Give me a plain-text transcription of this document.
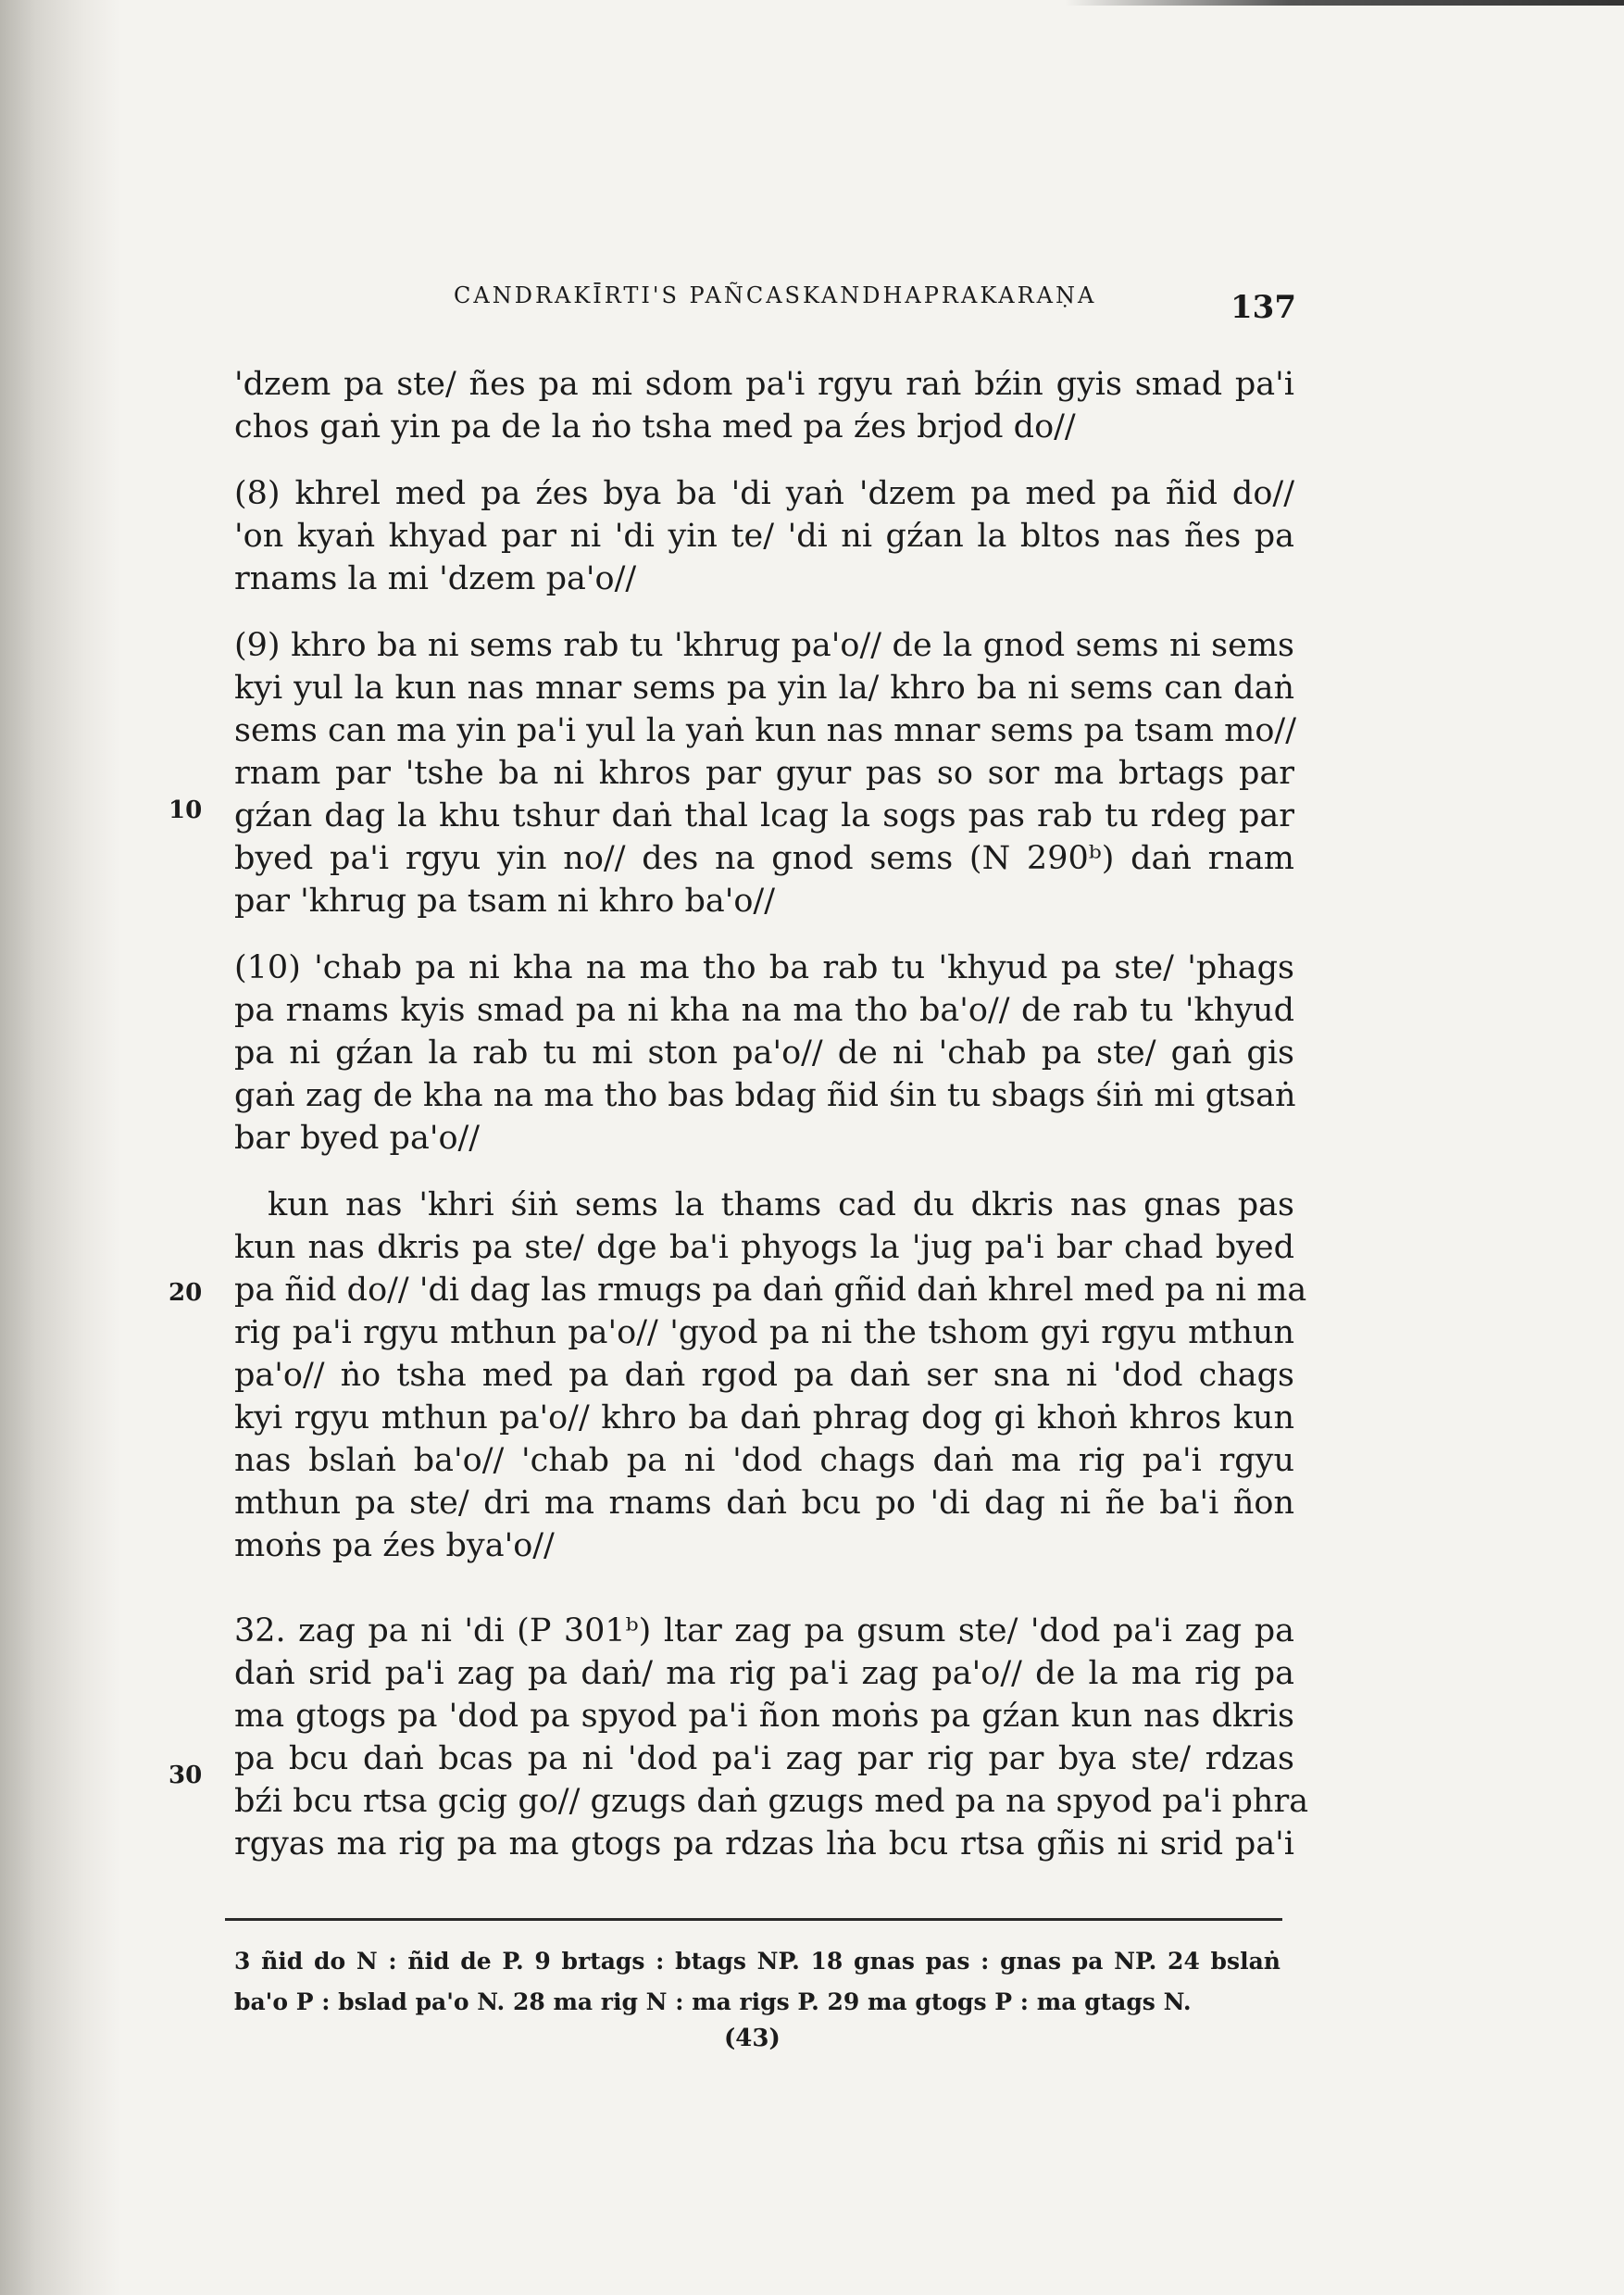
CANDRAKĪRTI'S PAÑCASKANDHAPRAKARAṆA	137
10
20
30
'dzem pa ste/ ñes pa mi sdom pa'i rgyu raṅ bźin gyis smad pa'i
chos gaṅ yin pa de la ṅo tsha med pa źes brjod do//
(8) khrel med pa źes bya ba 'di yaṅ 'dzem pa med pa ñid do//
'on kyaṅ khyad par ni 'di yin te/ 'di ni gźan la bltos nas ñes pa
rnams la mi 'dzem pa'o//
(9) khro ba ni sems rab tu 'khrug pa'o// de la gnod sems ni sems
kyi yul la kun nas mnar sems pa yin la/ khro ba ni sems can daṅ
sems can ma yin pa'i yul la yaṅ kun nas mnar sems pa tsam mo//
rnam par 'tshe ba ni khros par gyur pas so sor ma brtags par
gźan dag la khu tshur daṅ thal lcag la sogs pas rab tu rdeg par
byed pa'i rgyu yin no// des na gnod sems (N 290ᵇ) daṅ rnam
par 'khrug pa tsam ni khro ba'o//
(10) 'chab pa ni kha na ma tho ba rab tu 'khyud pa ste/ 'phags
pa rnams kyis smad pa ni kha na ma tho ba'o// de rab tu 'khyud
pa ni gźan la rab tu mi ston pa'o// de ni 'chab pa ste/ gaṅ gis
gaṅ zag de kha na ma tho bas bdag ñid śin tu sbags śiṅ mi gtsaṅ
bar byed pa'o//
kun nas 'khri śiṅ sems la thams cad du dkris nas gnas pas
kun nas dkris pa ste/ dge ba'i phyogs la 'jug pa'i bar chad byed
pa ñid do// 'di dag las rmugs pa daṅ gñid daṅ khrel med pa ni ma
rig pa'i rgyu mthun pa'o// 'gyod pa ni the tshom gyi rgyu mthun
pa'o// ṅo tsha med pa daṅ rgod pa daṅ ser sna ni 'dod chags
kyi rgyu mthun pa'o// khro ba daṅ phrag dog gi khoṅ khros kun
nas bslaṅ ba'o// 'chab pa ni 'dod chags daṅ ma rig pa'i rgyu
mthun pa ste/ dri ma rnams daṅ bcu po 'di dag ni ñe ba'i ñon
moṅs pa źes bya'o//
32. zag pa ni 'di (P 301ᵇ) ltar zag pa gsum ste/ 'dod pa'i zag pa
daṅ srid pa'i zag pa daṅ/ ma rig pa'i zag pa'o// de la ma rig pa
ma gtogs pa 'dod pa spyod pa'i ñon moṅs pa gźan kun nas dkris
pa bcu daṅ bcas pa ni 'dod pa'i zag par rig par bya ste/ rdzas
bźi bcu rtsa gcig go// gzugs daṅ gzugs med pa na spyod pa'i phra
rgyas ma rig pa ma gtogs pa rdzas lṅa bcu rtsa gñis ni srid pa'i
3 ñid do N : ñid de P. 9 brtags : btags NP. 18 gnas pas : gnas pa NP. 24 bslaṅ
ba'o P : bslad pa'o N. 28 ma rig N : ma rigs P. 29 ma gtogs P : ma gtags N.
(43)
